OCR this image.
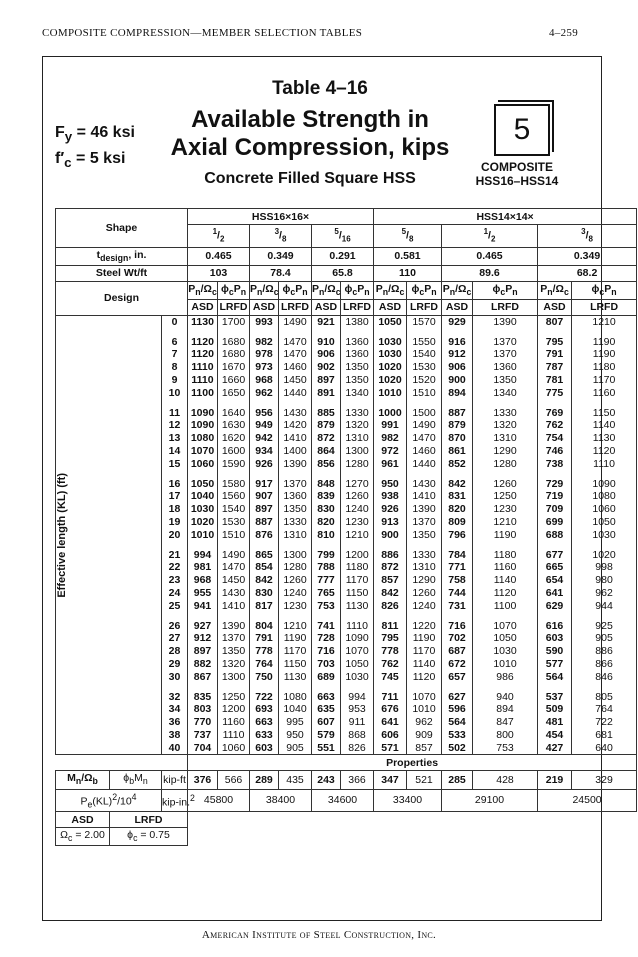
COMPOSITE COMPRESSION—MEMBER SELECTION TABLES	4–259
$F_y = 46$ ksi
$f'_c = 5$ ksi
Table 4–16
Available Strength in
Axial Compression, kips
Concrete Filled Square HSS
5
COMPOSITE
HSS16–HSS14
Shape			HSS16×16×						HSS14×14×					
			$^1/_2$		$^3/_8$		$^5/_{16}$		$^5/_8$		$^1/_2$		$^3/_8$
$t_{design}$, in.			0.465		0.349		0.291		0.581		0.465		0.349	
Steel Wt/ft			103		78.4		65.8		110		89.6		68.2	
Design			$P_n/\Omega_c$	$\phi_cP_n$	$P_n/\Omega_c$	$\phi_cP_n$	$P_n/\Omega_c$	$\phi_cP_n$	$P_n/\Omega_c$	$\phi_cP_n$	$P_n/\Omega_c$	$\phi_cP_n$	$P_n/\Omega_c$	$\phi_cP_n$
			ASD	LRFD	ASD	LRFD	ASD	LRFD	ASD	LRFD	ASD	LRFD	ASD	LRFD

Effective length (KL) (ft)		0	1130	1700	993	1490	921	1380	1050	1570	929	1390	807	1210

		6	1120	1680	982	1470	910	1360	1030	1550	916	1370	795	1190
		7	1120	1680	978	1470	906	1360	1030	1540	912	1370	791	1190
		8	1110	1670	973	1460	902	1350	1020	1530	906	1360	787	1180
		9	1110	1660	968	1450	897	1350	1020	1520	900	1350	781	1170
		10	1100	1650	962	1440	891	1340	1010	1510	894	1340	775	1160

		11	1090	1640	956	1430	885	1330	1000	1500	887	1330	769	1150
		12	1090	1630	949	1420	879	1320	991	1490	879	1320	762	1140
		13	1080	1620	942	1410	872	1310	982	1470	870	1310	754	1130
		14	1070	1600	934	1400	864	1300	972	1460	861	1290	746	1120
		15	1060	1590	926	1390	856	1280	961	1440	852	1280	738	1110

		16	1050	1580	917	1370	848	1270	950	1430	842	1260	729	1090
		17	1040	1560	907	1360	839	1260	938	1410	831	1250	719	1080
		18	1030	1540	897	1350	830	1240	926	1390	820	1230	709	1060
		19	1020	1530	887	1330	820	1230	913	1370	809	1210	699	1050
		20	1010	1510	876	1310	810	1210	900	1350	796	1190	688	1030

		21	994	1490	865	1300	799	1200	886	1330	784	1180	677	1020
		22	981	1470	854	1280	788	1180	872	1310	771	1160	665	998
		23	968	1450	842	1260	777	1170	857	1290	758	1140	654	980
		24	955	1430	830	1240	765	1150	842	1260	744	1120	641	962
		25	941	1410	817	1230	753	1130	826	1240	731	1100	629	944

		26	927	1390	804	1210	741	1110	811	1220	716	1070	616	925
		27	912	1370	791	1190	728	1090	795	1190	702	1050	603	905
		28	897	1350	778	1170	716	1070	778	1170	687	1030	590	886
		29	882	1320	764	1150	703	1050	762	1140	672	1010	577	866
		30	867	1300	750	1130	689	1030	745	1120	657	986	564	846

		32	835	1250	722	1080	663	994	711	1070	627	940	537	805
		34	803	1200	693	1040	635	953	676	1010	596	894	509	764
		36	770	1160	663	995	607	911	641	962	564	847	481	722
		38	737	1110	633	950	579	868	606	909	533	800	454	681
		40	704	1060	603	905	551	826	571	857	502	753	427	640
			Properties											
$M_n/\Omega_b$	$\phi_bM_n$	kip-ft	376	566	289	435	243	366	347	521	285	428	219	329
$P_e(KL)^2/10^4$		kip-in.$^2$	45800		38400		34600		33400		29100		24500	
ASD	LRFD													
$\Omega_c = 2.00$	$\phi_c = 0.75$													
American Institute of Steel Construction, Inc.
